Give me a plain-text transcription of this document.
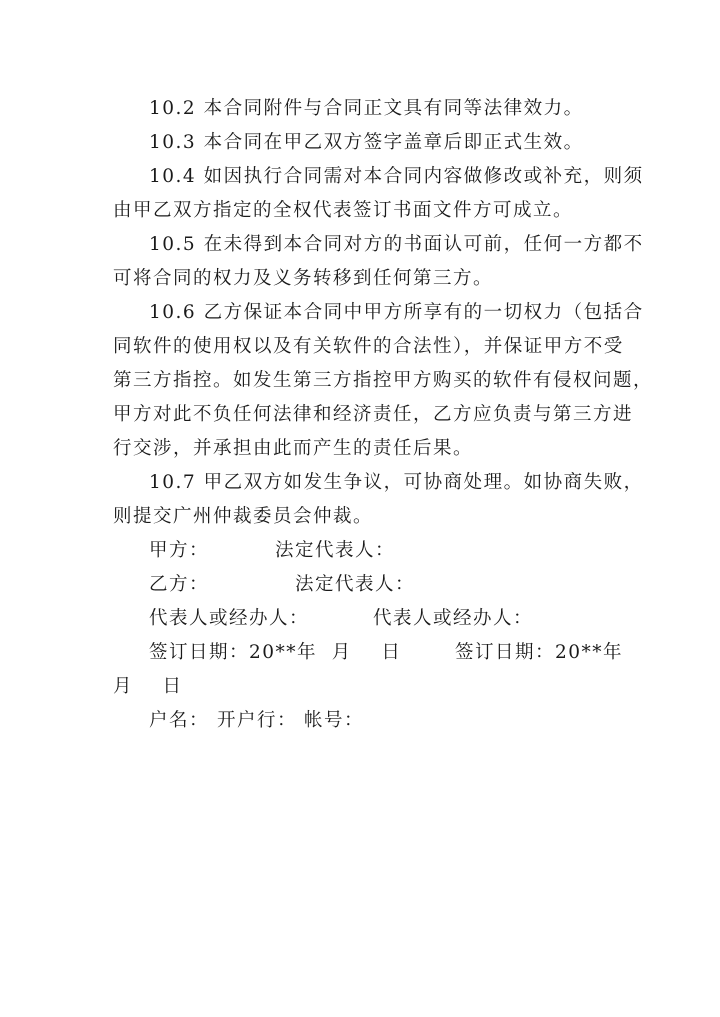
10.2 本合同附件与合同正文具有同等法律效力。

10.3 本合同在甲乙双方签字盖章后即正式生效。

10.4 如因执行合同需对本合同内容做修改或补充，则须
由甲乙双方指定的全权代表签订书面文件方可成立。

10.5 在未得到本合同对方的书面认可前，任何一方都不
可将合同的权力及义务转移到任何第三方。

10.6 乙方保证本合同中甲方所享有的一切权力（包括合
同软件的使用权以及有关软件的合法性），并保证甲方不受
第三方指控。如发生第三方指控甲方购买的软件有侵权问题，
甲方对此不负任何法律和经济责任，乙方应负责与第三方进
行交涉，并承担由此而产生的责任后果。

10.7 甲乙双方如发生争议，可协商处理。如协商失败，
则提交广州仲裁委员会仲裁。

甲方：	法定代表人：
乙方：	法定代表人：
代表人或经办人：	代表人或经办人：
签订日期：20**年  月    日	签订日期：20**年
月    日
户名： 开户行： 帐号：
